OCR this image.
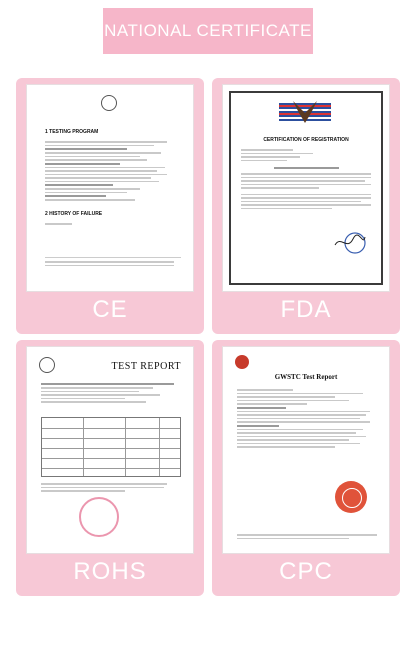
NATIONAL CERTIFICATE
1 TESTING PROGRAM
2 HISTORY OF FAILURE
CE
CERTIFICATION OF REGISTRATION
FDA
TEST REPORT
ROHS
GWSTC Test Report
CPC
